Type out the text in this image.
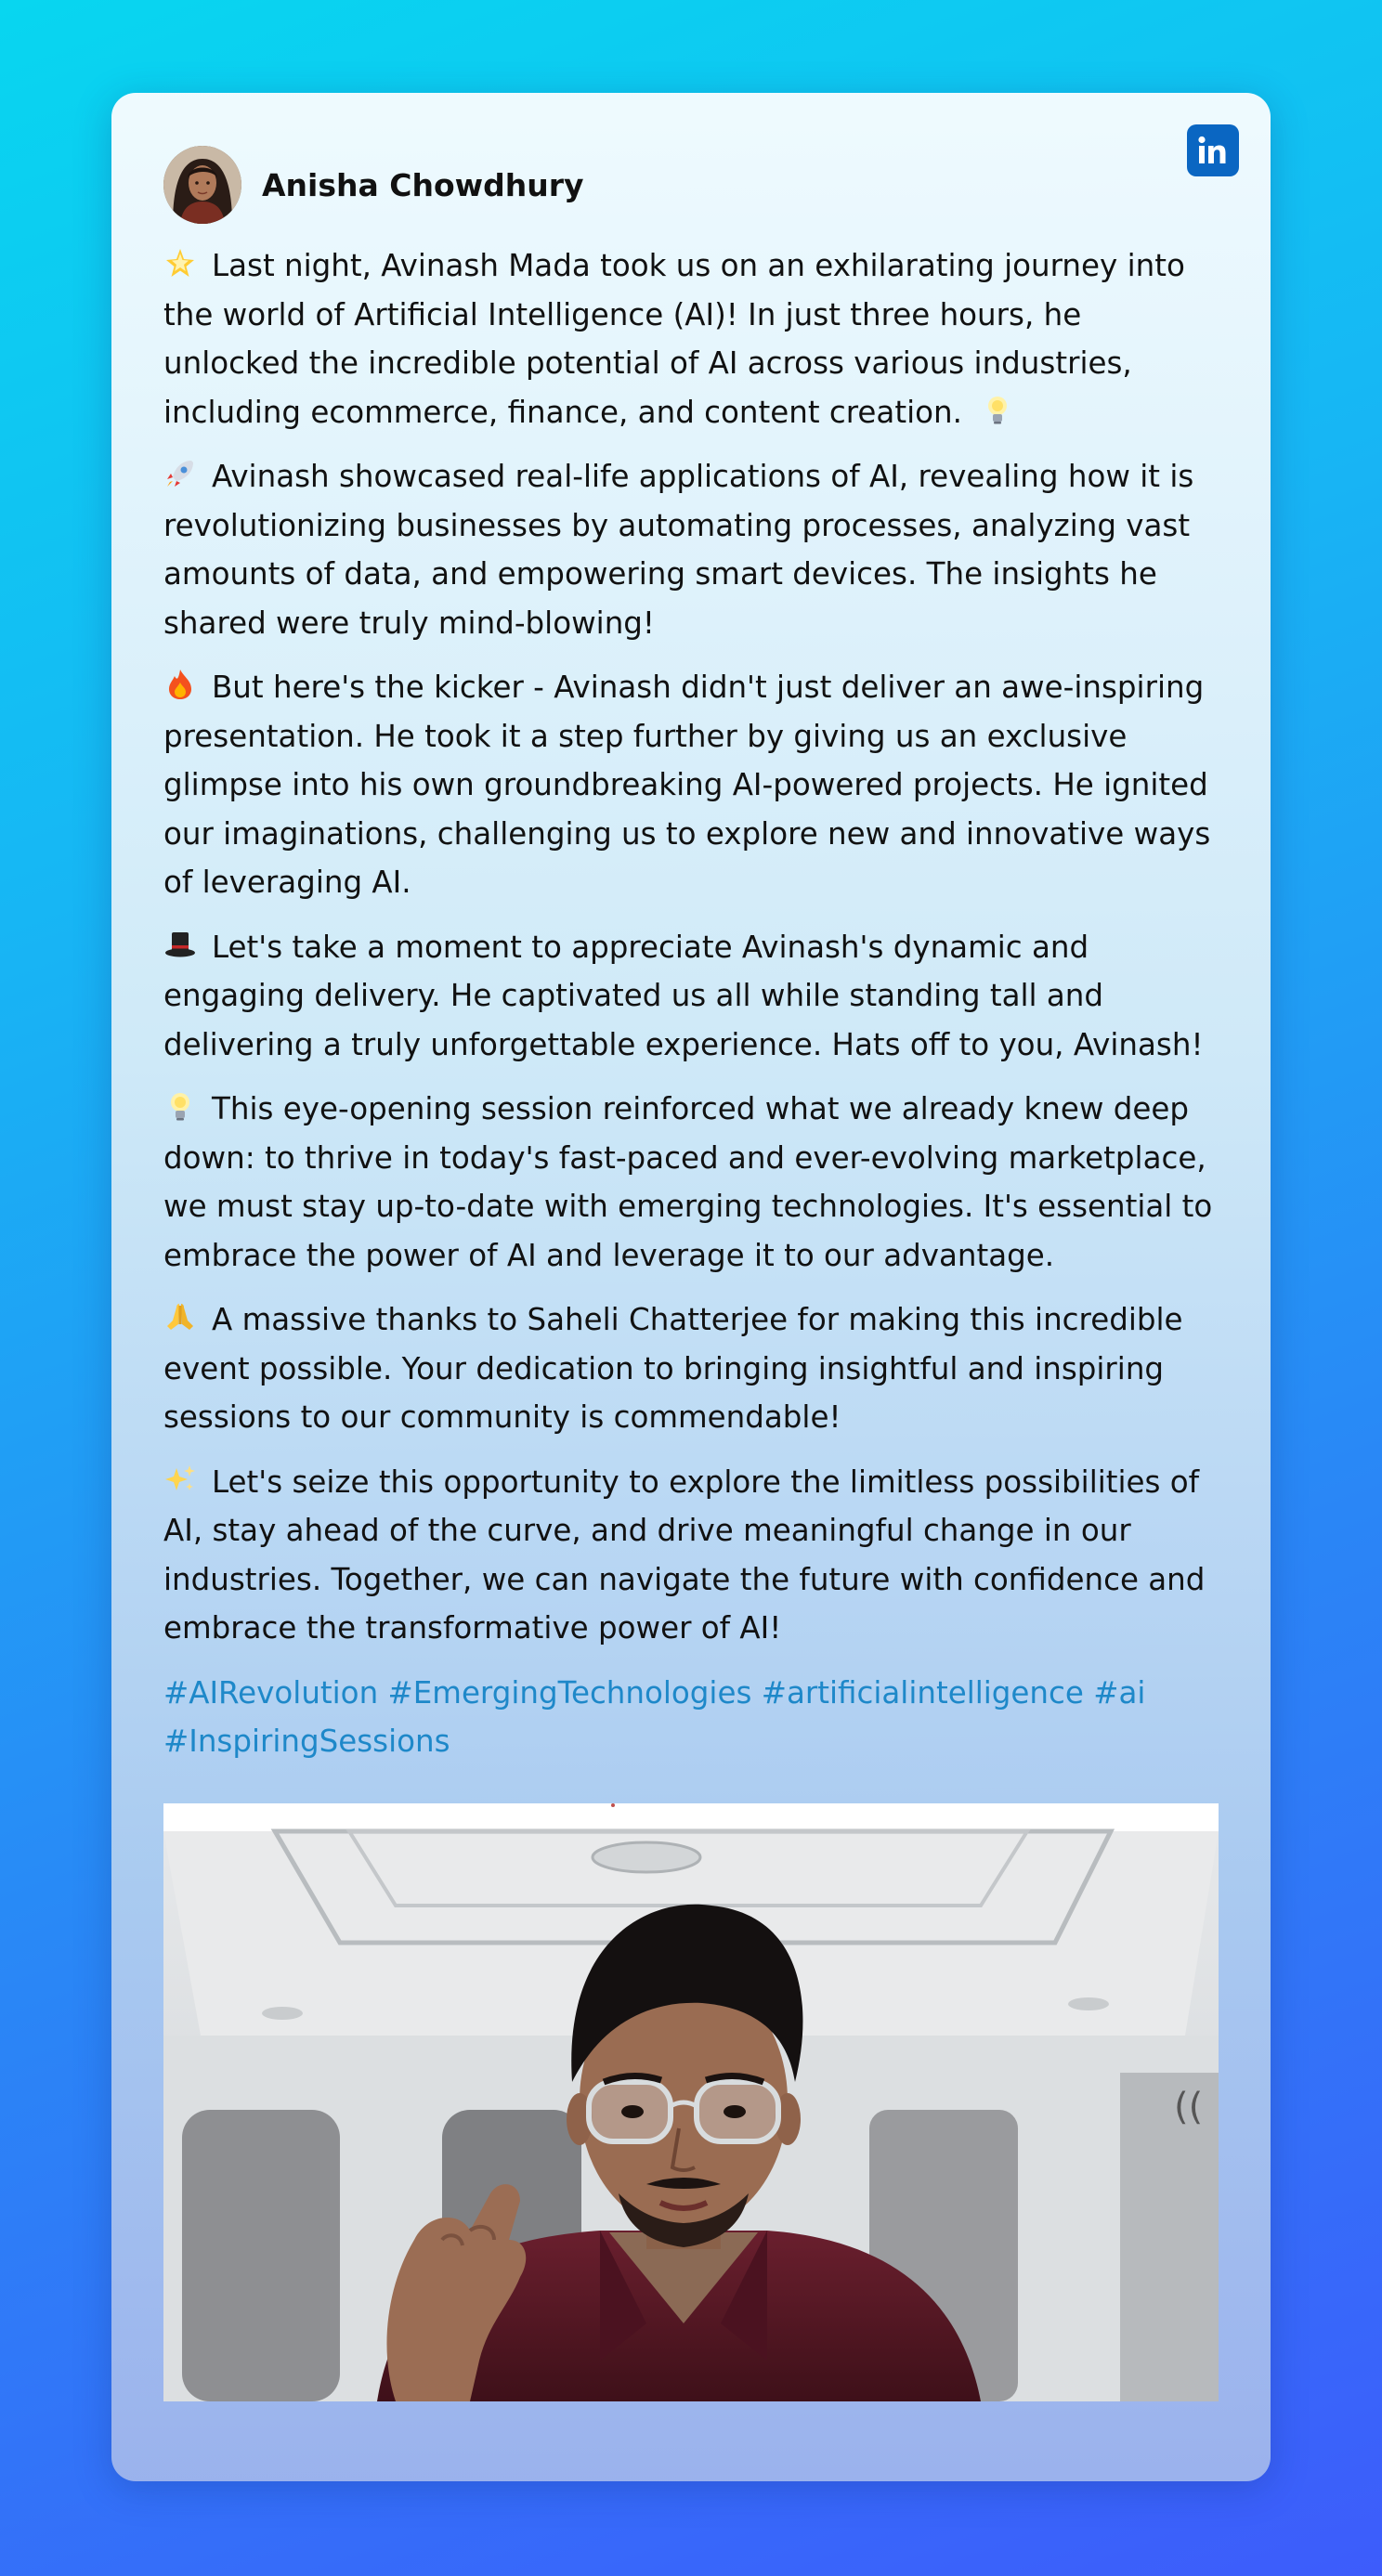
Anisha Chowdhury
Last night, Avinash Mada took us on an exhilarating journey into the world of Artificial Intelligence (AI)! In just three hours, he unlocked the incredible potential of AI across various industries, including ecommerce, finance, and content creation.
Avinash showcased real-life applications of AI, revealing how it is revolutionizing businesses by automating processes, analyzing vast amounts of data, and empowering smart devices. The insights he shared were truly mind-blowing!
But here's the kicker - Avinash didn't just deliver an awe-inspiring presentation. He took it a step further by giving us an exclusive glimpse into his own groundbreaking AI-powered projects. He ignited our imaginations, challenging us to explore new and innovative ways of leveraging AI.
Let's take a moment to appreciate Avinash's dynamic and engaging delivery. He captivated us all while standing tall and delivering a truly unforgettable experience. Hats off to you, Avinash!
This eye-opening session reinforced what we already knew deep down: to thrive in today's fast-paced and ever-evolving marketplace, we must stay up-to-date with emerging technologies. It's essential to embrace the power of AI and leverage it to our advantage.
A massive thanks to Saheli Chatterjee for making this incredible event possible. Your dedication to bringing insightful and inspiring sessions to our community is commendable!
Let's seize this opportunity to explore the limitless possibilities of AI, stay ahead of the curve, and drive meaningful change in our industries. Together, we can navigate the future with confidence and embrace the transformative power of AI!
#AIRevolution #EmergingTechnologies #artificialintelligence #ai
#InspiringSessions
((
